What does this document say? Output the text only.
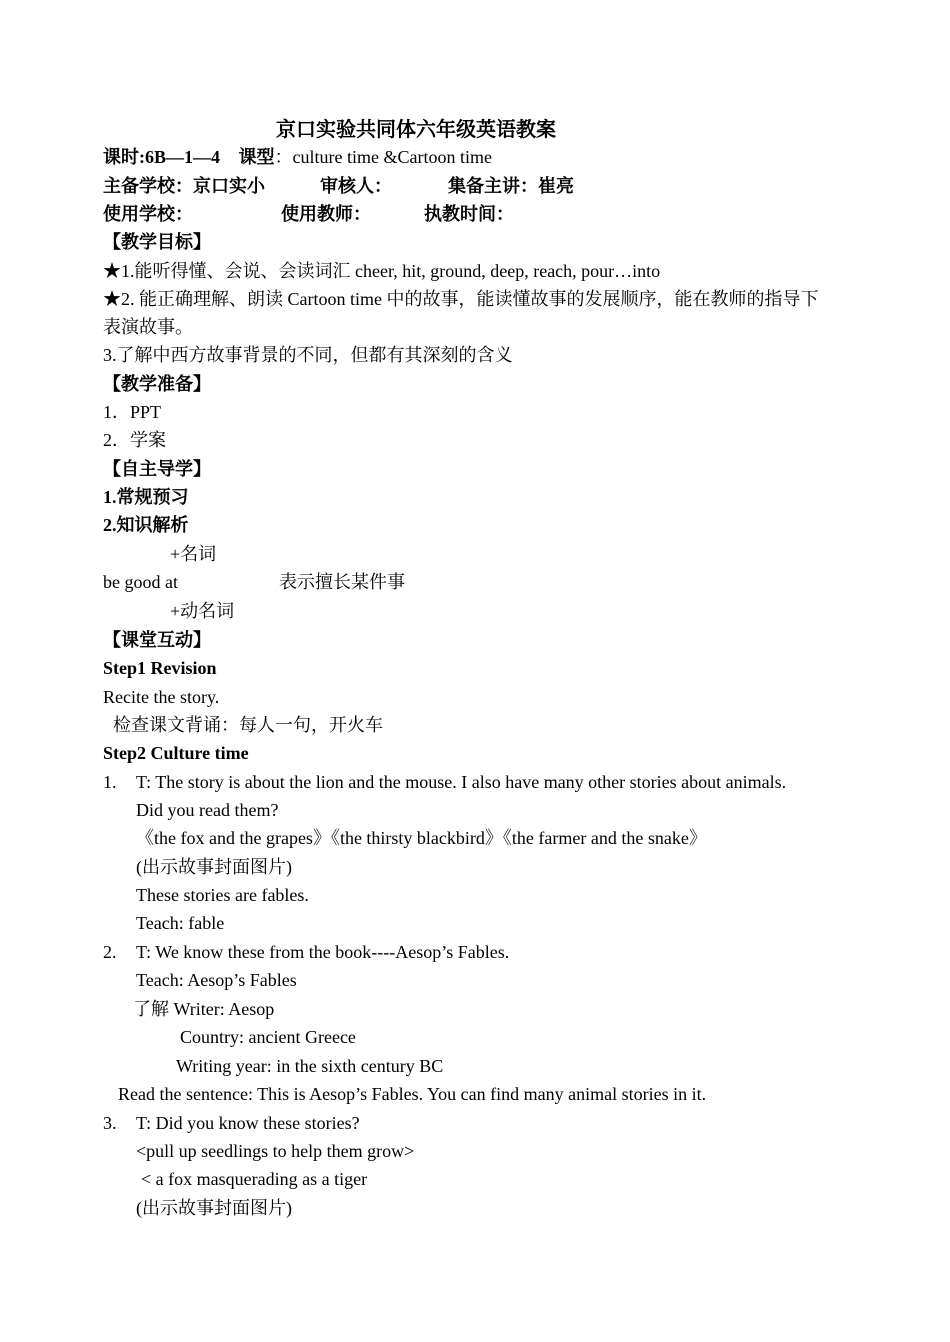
京口实验共同体六年级英语教案
课时:6B—1—4 课型：culture time &Cartoon time
主备学校：京口实小	审核人：	集备主讲：崔亮
使用学校：	使用教师：	执教时间：
【教学目标】
★1.能听得懂、会说、会读词汇 cheer, hit, ground, deep, reach, pour…into
★2. 能正确理解、朗读 Cartoon time 中的故事，能读懂故事的发展顺序，能在教师的指导下
表演故事。
3.了解中西方故事背景的不同，但都有其深刻的含义
【教学准备】
1．PPT
2．学案
【自主导学】
1.常规预习
2.知识解析
+名词
be good at	表示擅长某件事
+动名词
【课堂互动】
Step1 Revision
Recite the story.
检查课文背诵：每人一句，开火车
Step2 Culture time
1. T: The story is about the lion and the mouse. I also have many other stories about animals.
Did you read them?
《the fox and the grapes》《the thirsty blackbird》《the farmer and the snake》
(出示故事封面图片)
These stories are fables.
Teach: fable
2. T: We know these from the book----Aesop’s Fables.
Teach: Aesop’s Fables
了解 Writer: Aesop
Country: ancient Greece
Writing year: in the sixth century BC
Read the sentence: This is Aesop’s Fables. You can find many animal stories in it.
3. T: Did you know these stories?
<pull up seedlings to help them grow>
< a fox masquerading as a tiger
(出示故事封面图片)
